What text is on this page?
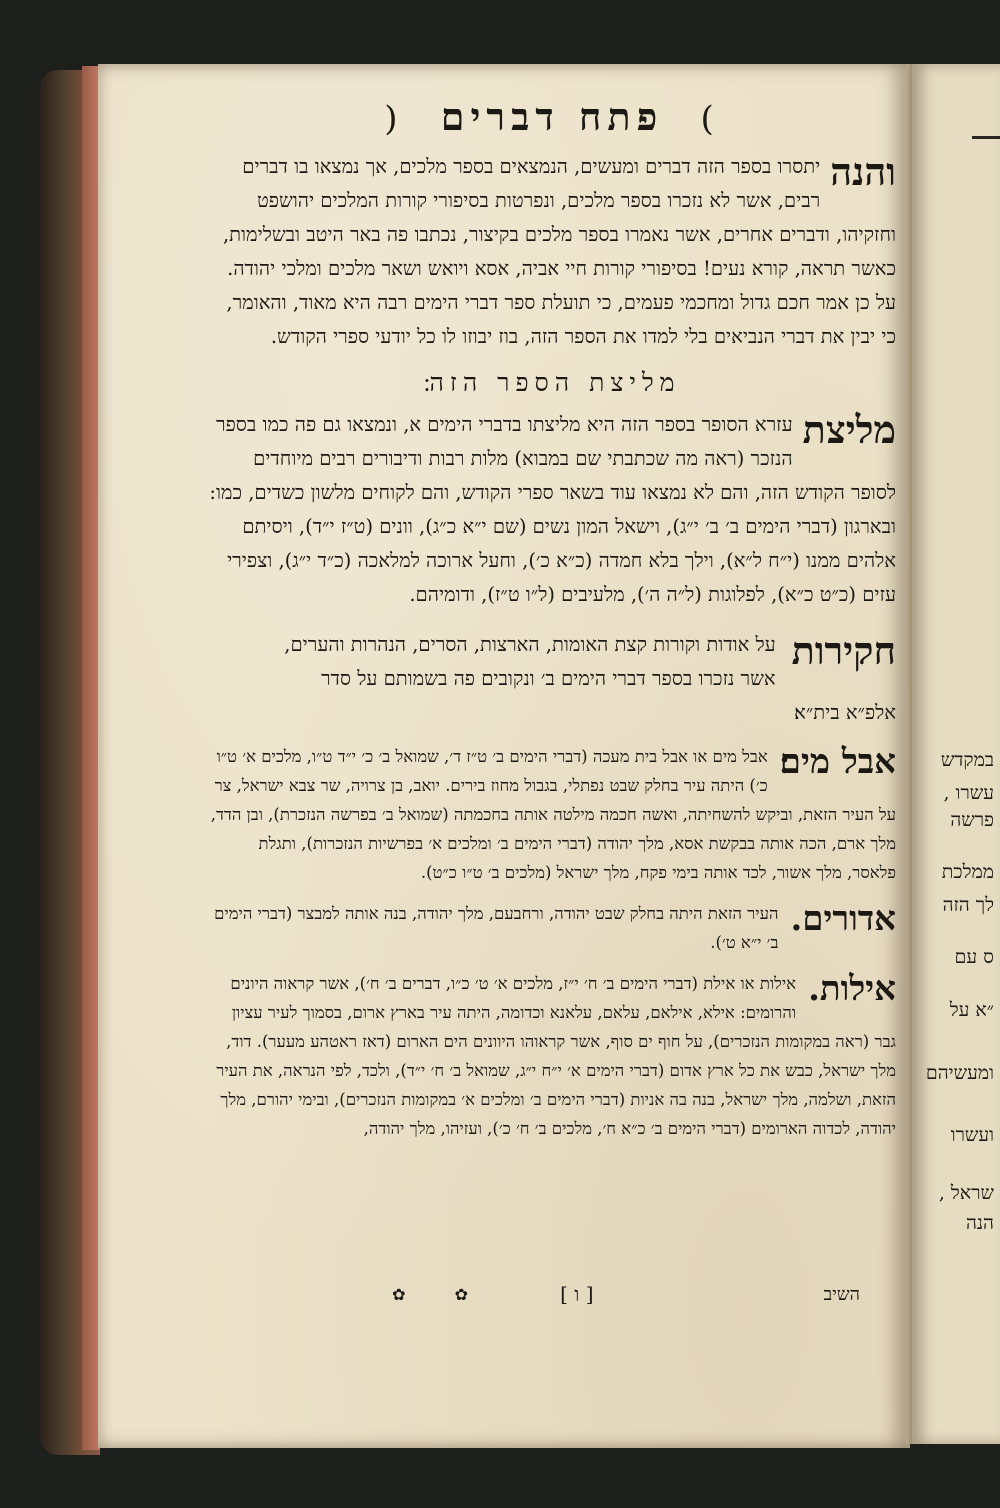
) פתח דברים (

והנה
יתסרו בספר הזה דברים ומעשים, הנמצאים בספר מלכים, אך נמצאו בו דברים רבים, אשר לא נזכרו בספר מלכים, ונפרטות בסיפורי קורות המלכים יהושפט וחזקיהו, ודברים אחרים, אשר נאמרו בספר מלכים בקיצור, נכתבו פה באר היטב ובשלימות, כאשר תראה, קורא נעים! בסיפורי קורות חיי אביה, אסא ויואש ושאר מלכים ומלכי יהודה. על כן אמר חכם גדול ומחכמי פעמים, כי תועלת ספר דברי הימים רבה היא מאוד, והאומר, כי יבין את דברי הנביאים בלי למדו את הספר הזה, בוז יבוזו לו כל יודעי ספרי הקודש.

מליצת הספר הזה׃

מליצת
עזרא הסופר בספר הזה היא מליצתו בדברי הימים א, ונמצאו גם פה כמו בספר הנזכר (ראה מה שכתבתי שם במבוא) מלות רבות ודיבורים רבים מיוחדים לסופר הקודש הזה, והם לא נמצאו עוד בשאר ספרי הקודש, והם לקוחים מלשון כשדים, כמו: ובארגון (דברי הימים ב׳ ב׳ י״ג), וישאל המון נשים (שם י״א כ״ג), וונים (ט״ז י״ד), ויסיתם אלהים ממנו (י״ח ל״א), וילך בלא חמדה (כ״א כ׳), וחעל ארוכה למלאכה (כ״ד י״ג), וצפירי עזים (כ״ט כ״א), לפלוגות (ל״ה ה׳), מלעיבים (ל״ו ט״ז), ודומיהם.

חקירות

על אודות וקורות קצת האומות, הארצות, הסרים, הנהרות והערים, אשר נזכרו בספר דברי הימים ב׳ ונקובים פה בשמותם על סדר אלפ״א בית״א׃

אבל מים׃

אבל מים או אבל בית מעכה (דברי הימים ב׳ ט״ז ד׳, שמואל ב׳ כ׳ י״ד ט״ו, מלכים א׳ ט״ו כ׳) היתה עיר בחלק שבט נפתלי, בגבול מחוז בירים. יואב, בן צרויה, שר צבא ישראל, צר על העיר הזאת, וביקש להשחיתה, ואשה חכמה מילטה אותה בחכמתה (שמואל ב׳ בפרשה הנזכרת), ובן הדד, מלך ארם, הכה אותה בבקשת אסא, מלך יהודה (דברי הימים ב׳ ומלכים א׳ בפרשיות הנזכרות), ותגלת פלאסר, מלך אשור, לכד אותה בימי פקח, מלך ישראל (מלכים ב׳ ט״ו כ״ט).

אדורים.

העיר הזאת היתה בחלק שבט יהודה, ורחבעם, מלך יהודה, בנה אותה למבצר (דברי הימים ב׳ י״א ט׳).

אילות.

אילות או אילת (דברי הימים ב׳ ח׳ י״ז, מלכים א׳ ט׳ כ״ו, דברים ב׳ ח׳), אשר קראוה היונים והרומים: אילא, אילאם, עלאם, עלאנא וכדומה, היתה עיר בארץ ארום, בסמוך לעיר עציון גבר (ראה במקומות הנזכרים), על חוף ים סוף, אשר קראוהו היוונים הים הארום (דאז ראטהע מעער). דוד, מלך ישראל, כבש את כל ארץ אדום (דברי הימים א׳ י״ח י״ג, שמואל ב׳ ח׳ י״ד), ולכד, לפי הנראה, את העיר הזאת, ושלמה, מלך ישראל, בנה בה אניות (דברי הימים ב׳ ומלכים א׳ במקומות הנזכרים), ובימי יהורם, מלך יהודה, לכדוה הארומים (דברי הימים ב׳ כ״א ח׳, מלכים ב׳ ח׳ כ׳), ועזיהו, מלך יהודה,

השיב
[ ו ]
✿ ✿
במקדש
עשרו ,
פרשה
ממלכת
לך הזה
ס עם
״א על
ומעשיהם
ועשרו
שראל ,
הנה
